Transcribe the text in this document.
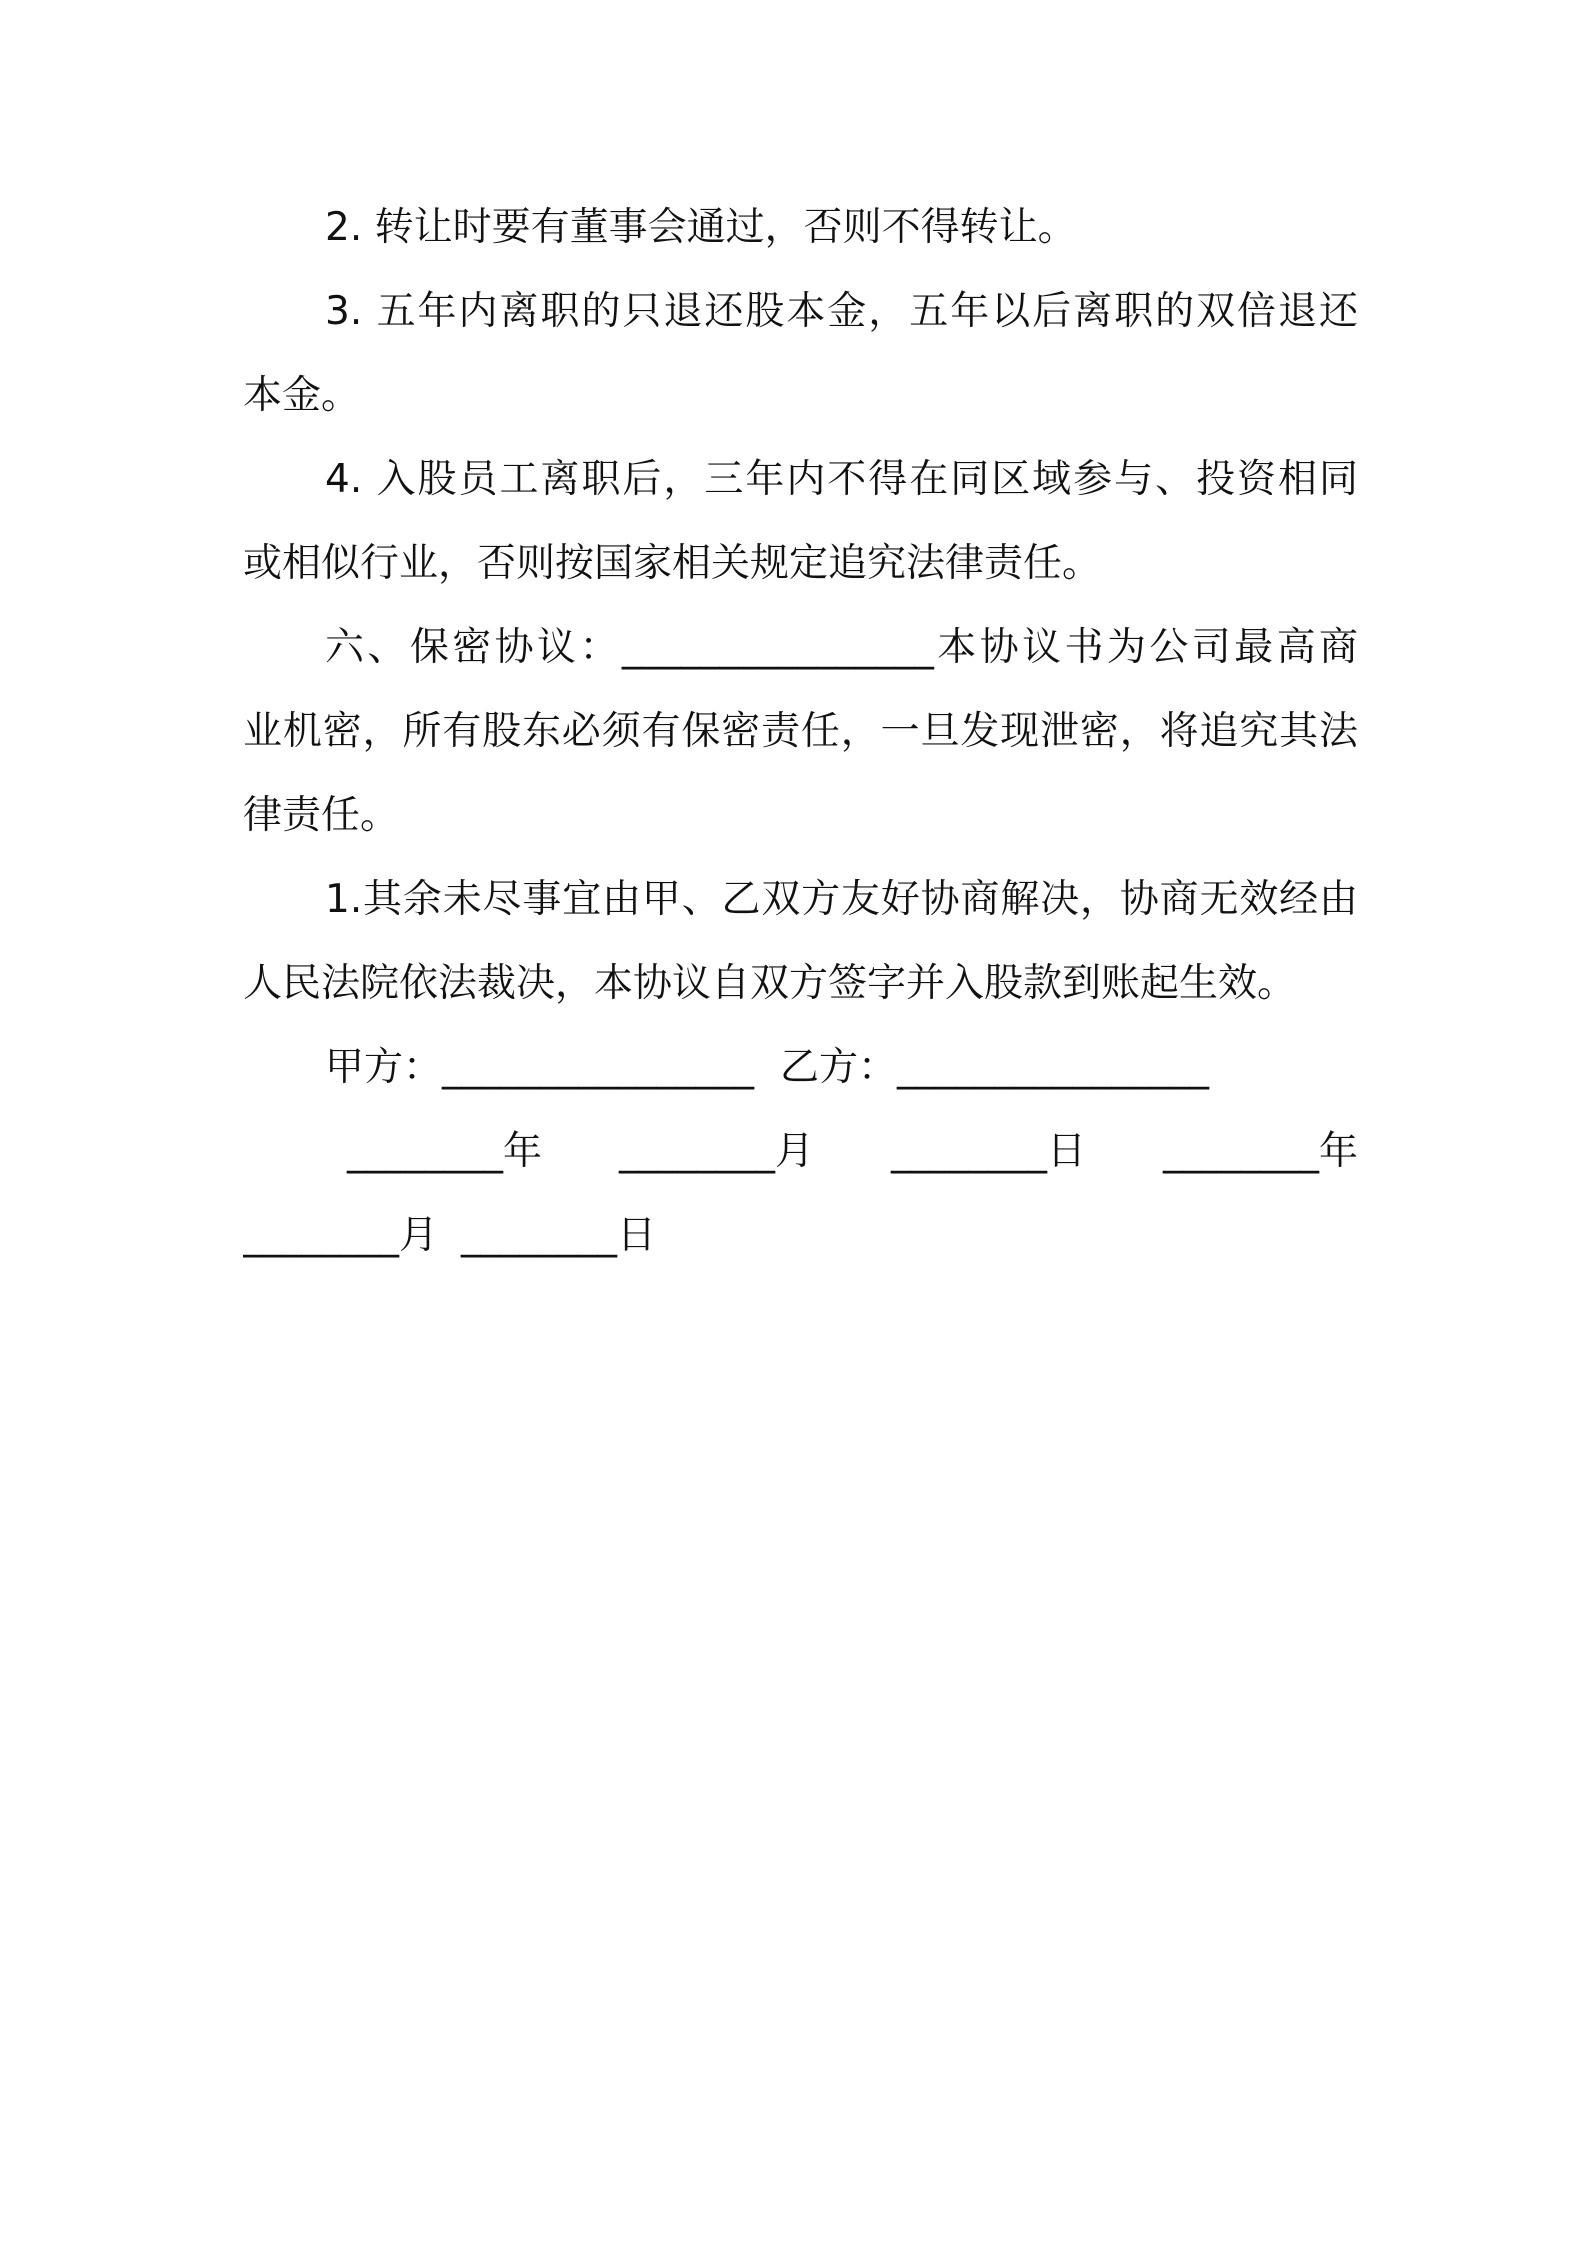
2. 转让时要有董事会通过，否则不得转让。
3. 五年内离职的只退还股本金，五年以后离职的双倍退还
本金。
4. 入股员工离职后，三年内不得在同区域参与、投资相同
或相似行业，否则按国家相关规定追究法律责任。
六、保密协议：________________本协议书为公司最高商
业机密，所有股东必须有保密责任，一旦发现泄密，将追究其法
律责任。
1.其余未尽事宜由甲、乙双方友好协商解决，协商无效经由
人民法院依法裁决，本协议自双方签字并入股款到账起生效。
甲方：________________ 乙方：________________
________年 ________月 ________日 ________年
________月 ________日
